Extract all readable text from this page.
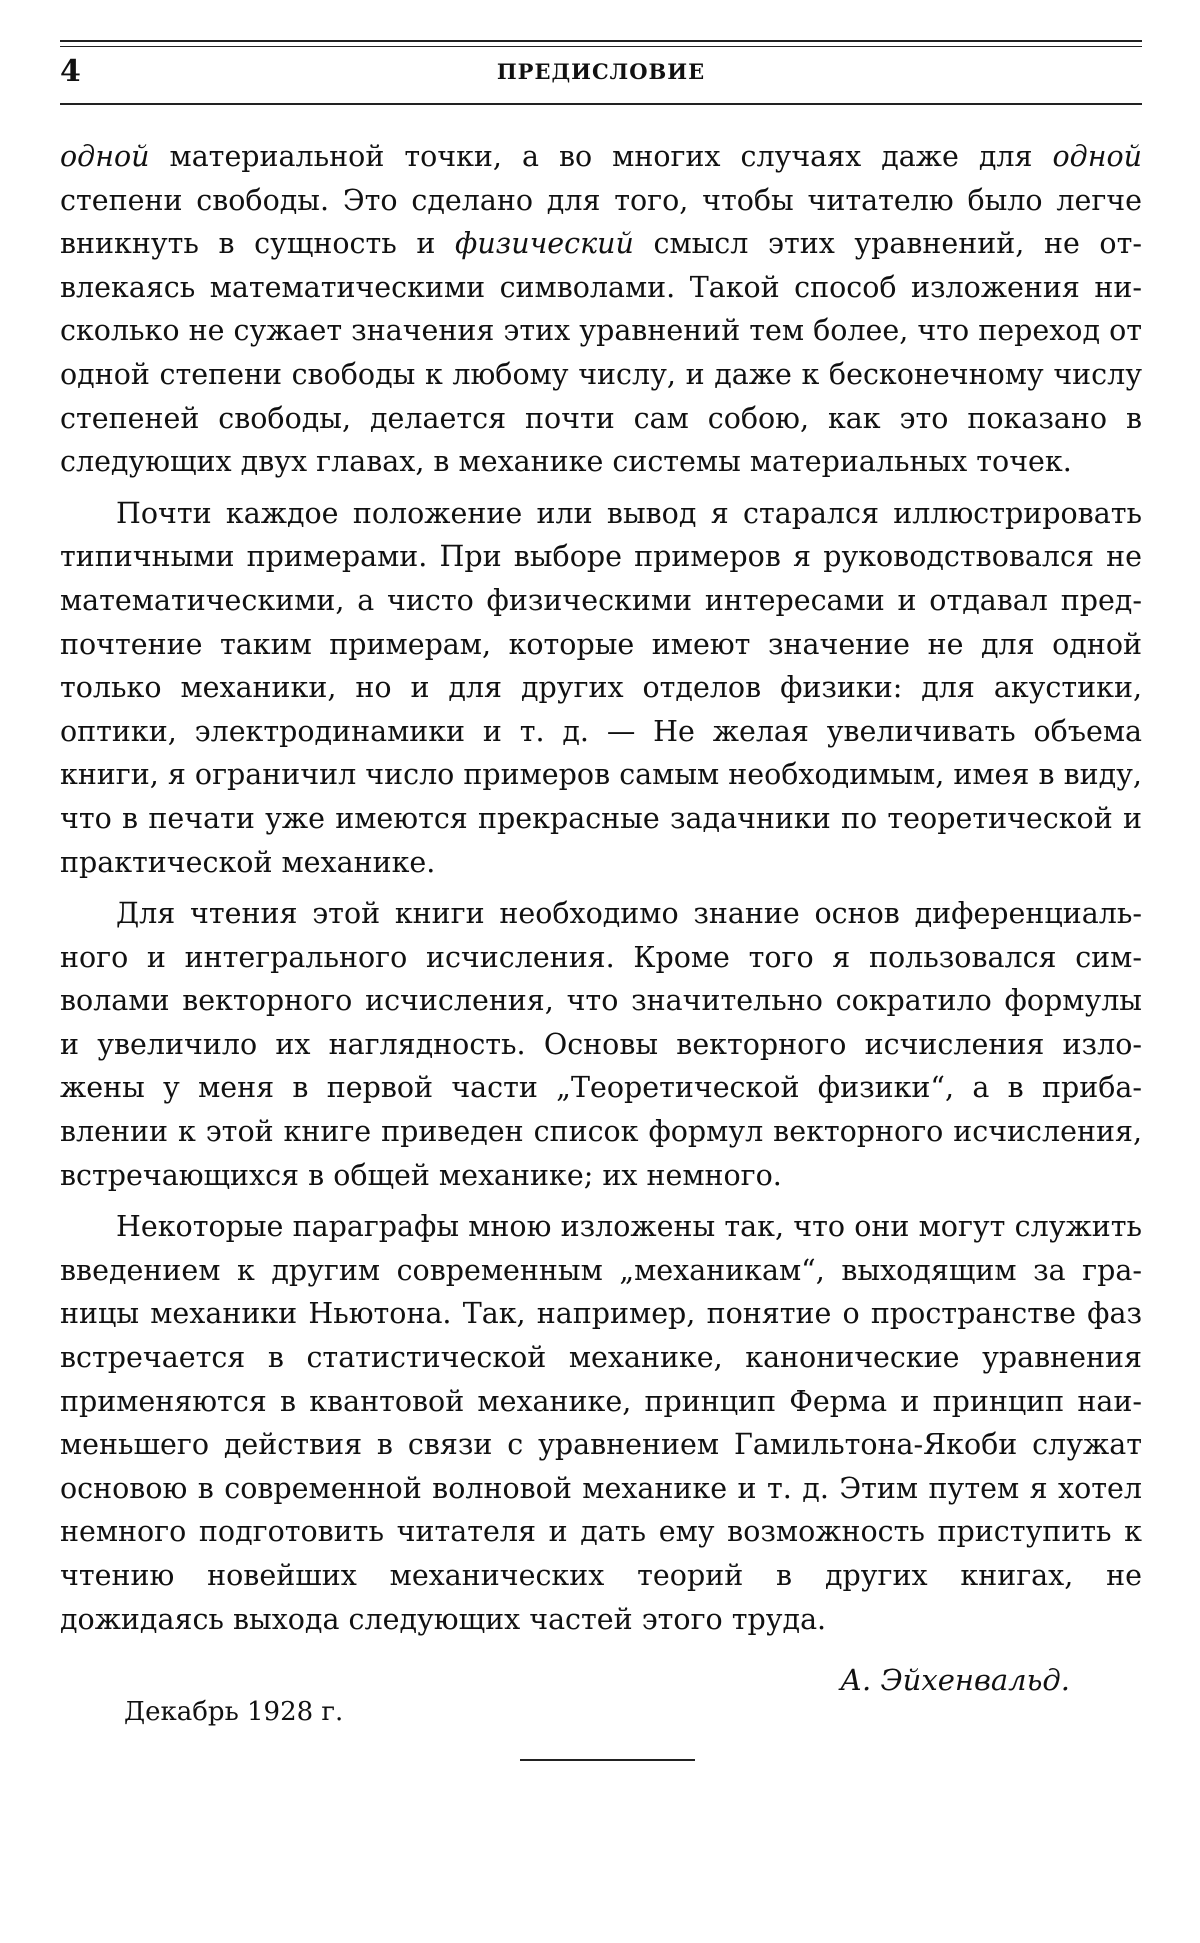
4	ПРЕДИСЛОВИЕ

одной материальной точки, а во многих случаях даже для одной степени свободы. Это сделано для того, чтобы читателю было легче вникнуть в сущность и физический смысл этих уравнений, не отвлекаясь математическими символами. Такой способ изложения нисколько не сужает значения этих уравнений тем более, что переход от одной степени свободы к любому числу, и даже к бесконечному числу степеней свободы, делается почти сам собою, как это показано в следующих двух главах, в механике системы материальных точек.

Почти каждое положение или вывод я старался иллюстрировать типичными примерами. При выборе примеров я руководствовался не математическими, а чисто физическими интересами и отдавал предпочтение таким примерам, которые имеют значение не для одной только механики, но и для других отделов физики: для акустики, оптики, электродинамики и т. д. — Не желая увеличивать объема книги, я ограничил число примеров самым необходимым, имея в виду, что в печати уже имеются прекрасные задачники по теоретической и практической механике.

Для чтения этой книги необходимо знание основ диференциального и интегрального исчисления. Кроме того я пользовался символами векторного исчисления, что значительно сократило формулы и увеличило их наглядность. Основы векторного исчисления изложены у меня в первой части „Теоретической физики“, а в прибaвлении к этой книге приведен список формул векторного исчисления, встречающихся в общей механике; их немного.

Некоторые параграфы мною изложены так, что они могут служить введением к другим современным „механикам“, выходящим за границы механики Ньютона. Так, например, понятие о пространстве фаз встречается в статистической механике, канонические уравнения применяются в квантовой механике, принцип Ферма и принцип наименьшего действия в связи с уравнением Гамильтона-Якоби служат основою в современной волновой механике и т. д. Этим путем я хотел немного подготовить читателя и дать ему возможность приступить к чтению новейших механических теорий в других книгах, не дожидаясь выхода следующих частей этого труда.

Декабрь 1928 г.
А. Эйхенвальд.
